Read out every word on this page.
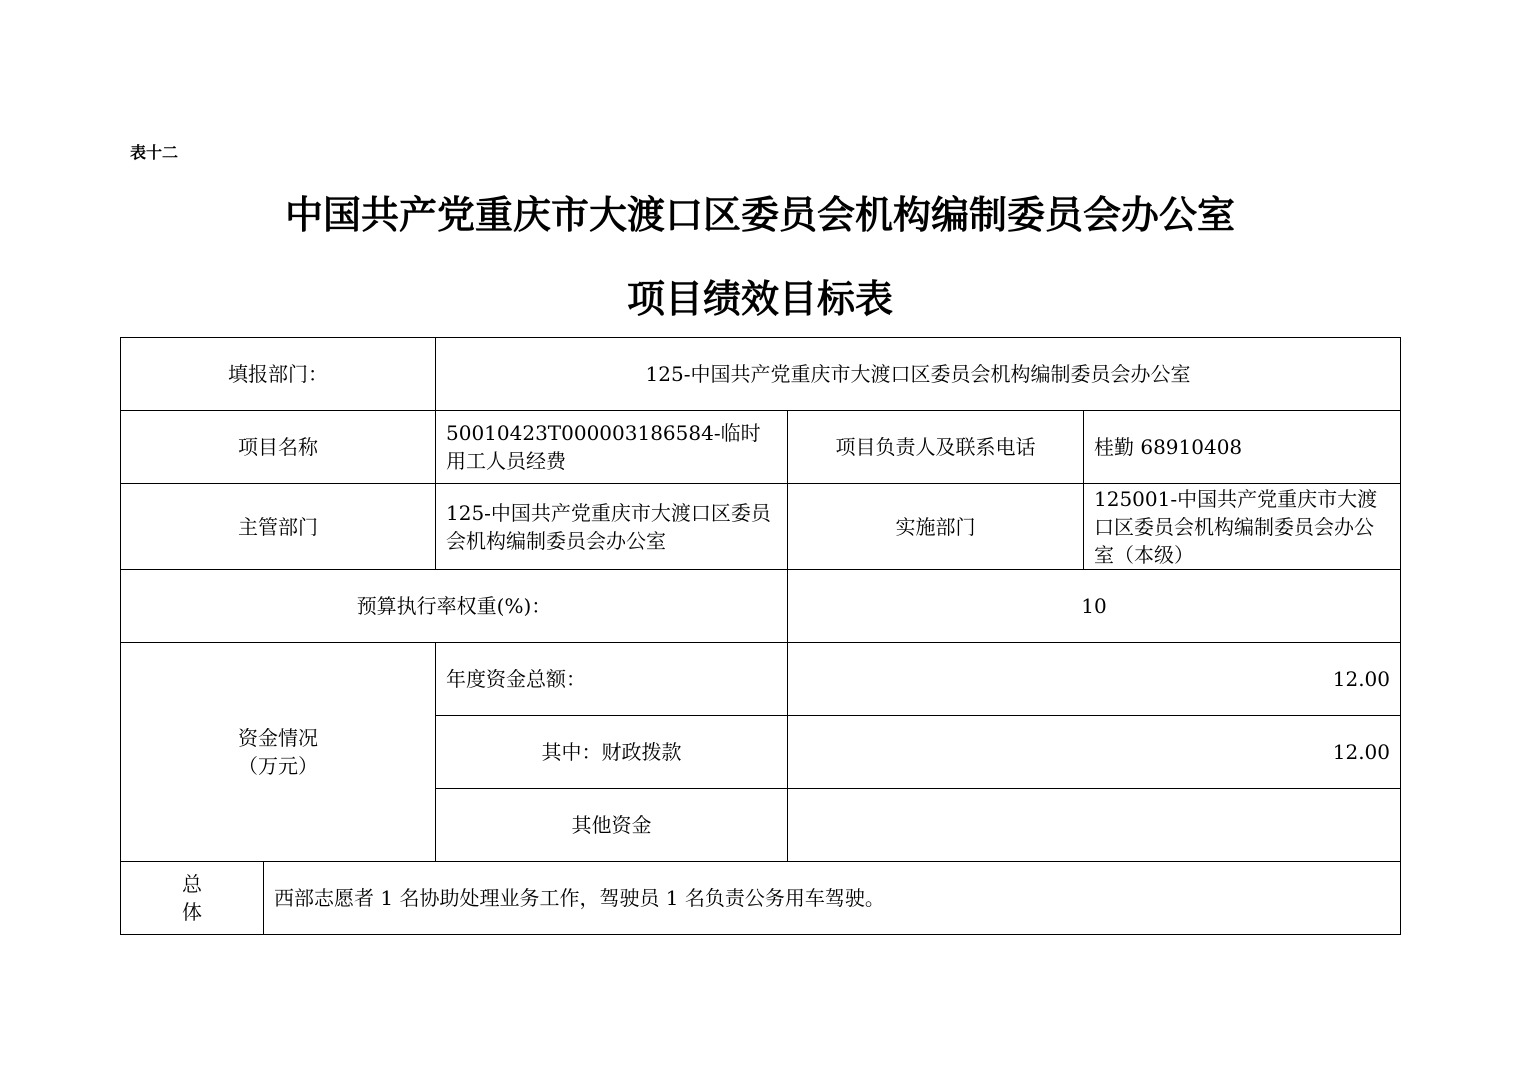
表十二
中国共产党重庆市大渡口区委员会机构编制委员会办公室
项目绩效目标表
填报部门：		125-中国共产党重庆市大渡口区委员会机构编制委员会办公室		
项目名称		50010423T000003186584-临时用工人员经费	项目负责人及联系电话	桂勤 68910408
主管部门		125-中国共产党重庆市大渡口区委员会机构编制委员会办公室	实施部门	125001-中国共产党重庆市大渡口区委员会机构编制委员会办公室（本级）
预算执行率权重(%)：			10	

资金情况
（万元）		年度资金总额：	12.00	
		其中：财政拨款	12.00	
		其他资金		

总
体	西部志愿者 1 名协助处理业务工作，驾驶员 1 名负责公务用车驾驶。			
